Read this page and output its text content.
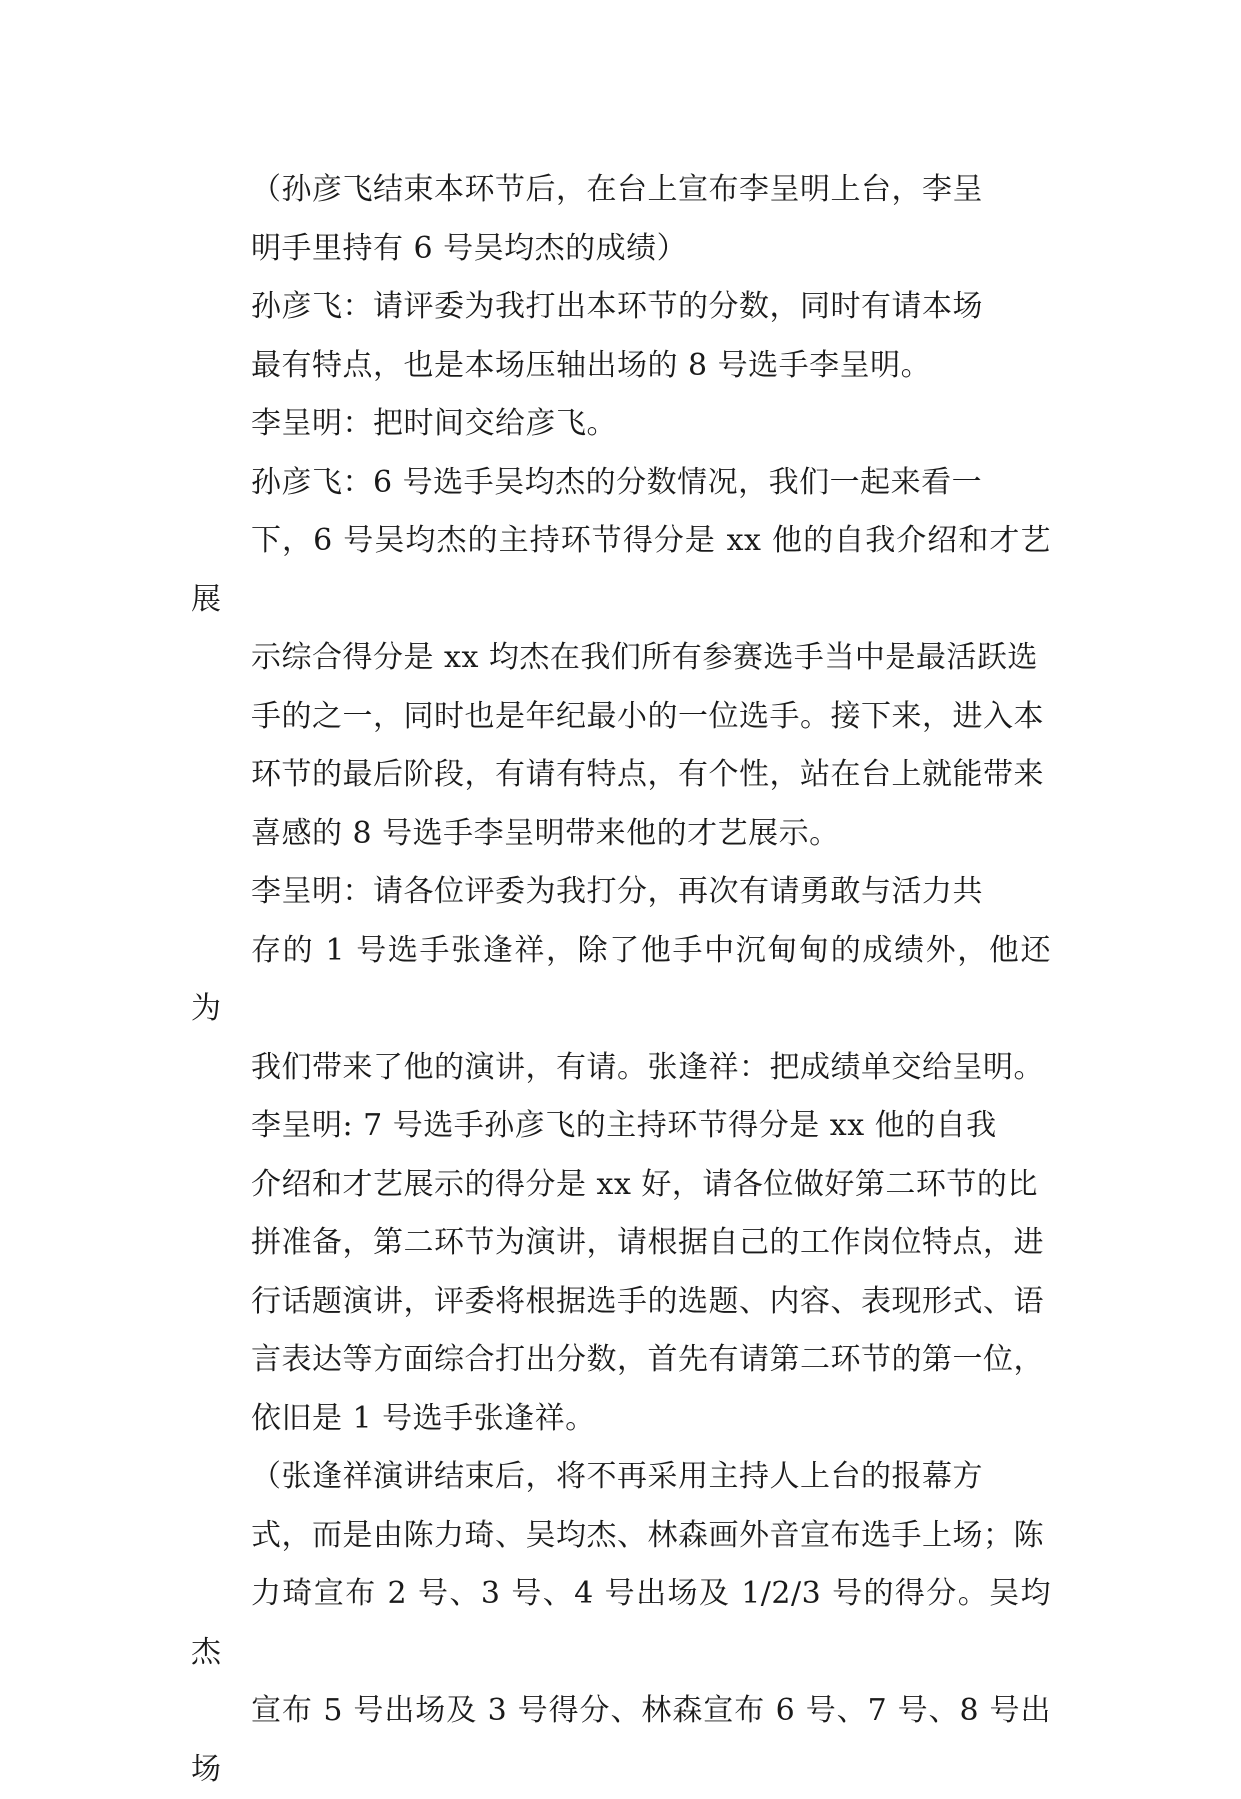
（孙彦飞结束本环节后，在台上宣布李呈明上台，李呈
明手里持有 6 号吴均杰的成绩）

孙彦飞：请评委为我打出本环节的分数，同时有请本场
最有特点，也是本场压轴出场的 8 号选手李呈明。

李呈明：把时间交给彦飞。

孙彦飞：6 号选手吴均杰的分数情况，我们一起来看一
下，6 号吴均杰的主持环节得分是 xx 他的自我介绍和才艺展
示综合得分是 xx 均杰在我们所有参赛选手当中是最活跃选
手的之一，同时也是年纪最小的一位选手。接下来，进入本
环节的最后阶段，有请有特点，有个性，站在台上就能带来
喜感的 8 号选手李呈明带来他的才艺展示。

李呈明：请各位评委为我打分，再次有请勇敢与活力共
存的 1 号选手张逢祥，除了他手中沉甸甸的成绩外，他还为
我们带来了他的演讲，有请。张逢祥：把成绩单交给呈明。

李呈明: 7 号选手孙彦飞的主持环节得分是 xx 他的自我
介绍和才艺展示的得分是 xx 好，请各位做好第二环节的比
拼准备，第二环节为演讲，请根据自己的工作岗位特点，进
行话题演讲，评委将根据选手的选题、内容、表现形式、语
言表达等方面综合打出分数，首先有请第二环节的第一位，
依旧是 1 号选手张逢祥。

（张逢祥演讲结束后，将不再采用主持人上台的报幕方
式，而是由陈力琦、吴均杰、林森画外音宣布选手上场；陈
力琦宣布 2 号、3 号、4 号出场及 1/2/3 号的得分。吴均杰
宣布 5 号出场及 3 号得分、林森宣布 6 号、7 号、8 号出场
